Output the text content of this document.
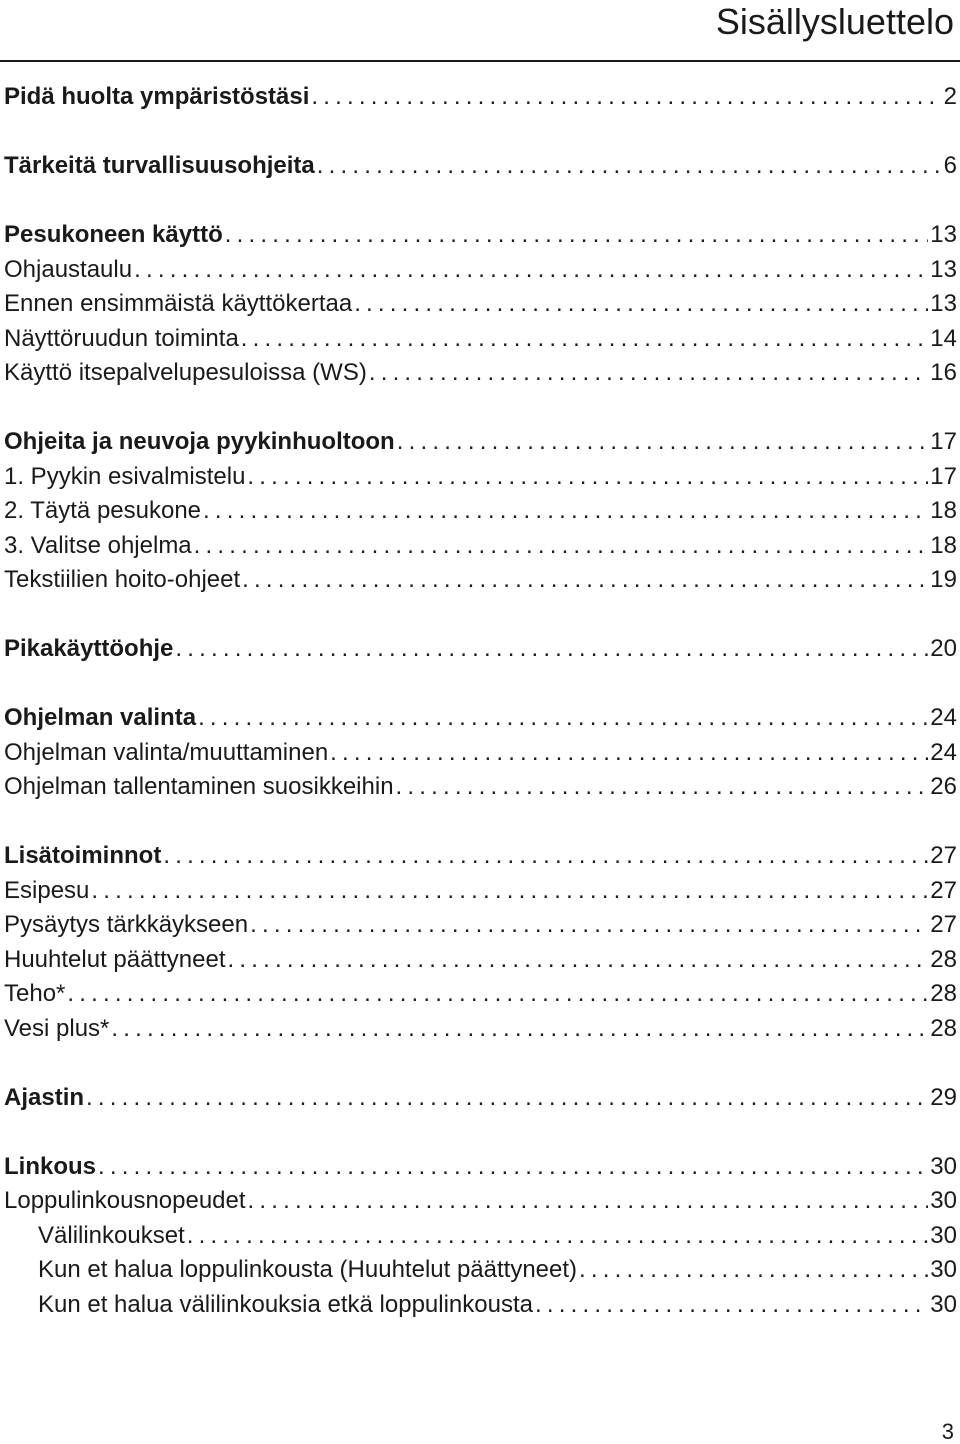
Sisällysluettelo
Pidä huolta ympäristöstäsi .....	2
Tärkeitä turvallisuusohjeita .....	6
Pesukoneen käyttö .....	13
Ohjaustaulu .....	13
Ennen ensimmäistä käyttökertaa .....	13
Näyttöruudun toiminta .....	14
Käyttö itsepalvelupesuloissa (WS) .....	16
Ohjeita ja neuvoja pyykinhuoltoon .....	17
1. Pyykin esivalmistelu .....	17
2. Täytä pesukone .....	18
3. Valitse ohjelma .....	18
Tekstiilien hoito-ohjeet .....	19
Pikakäyttöohje .....	20
Ohjelman valinta .....	24
Ohjelman valinta/muuttaminen .....	24
Ohjelman tallentaminen suosikkeihin .....	26
Lisätoiminnot .....	27
Esipesu .....	27
Pysäytys tärkkäykseen .....	27
Huuhtelut päättyneet .....	28
Teho* .....	28
Vesi plus* .....	28
Ajastin .....	29
Linkous .....	30
Loppulinkousnopeudet .....	30
Välilinkoukset .....	30
Kun et halua loppulinkousta (Huuhtelut päättyneet) .....	30
Kun et halua välilinkouksia etkä loppulinkousta .....	30
3
